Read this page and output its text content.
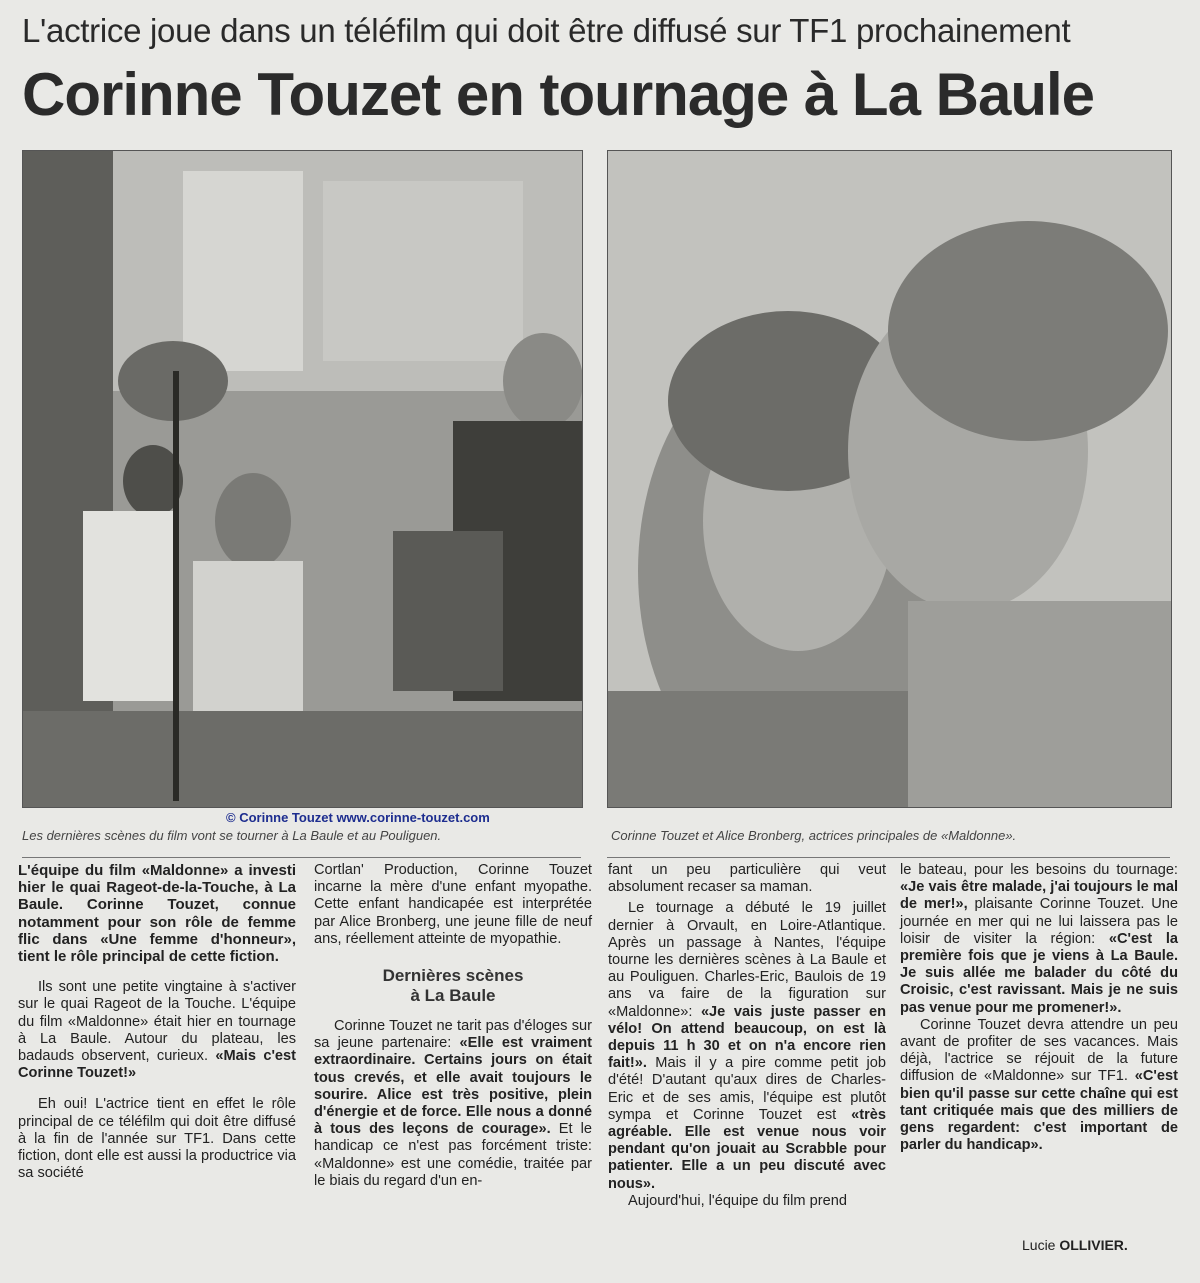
L'actrice joue dans un téléfilm qui doit être diffusé sur TF1 prochainement
Corinne Touzet en tournage à La Baule
© Corinne Touzet www.corinne-touzet.com
Les dernières scènes du film vont se tourner à La Baule et au Pouliguen.	Corinne Touzet et Alice Bronberg, actrices principales de «Maldonne».

L'équipe du film «Maldonne» a investi hier le quai Rageot-de-la-Touche, à La Baule. Corinne Touzet, connue notamment pour son rôle de femme flic dans «Une femme d'honneur», tient le rôle principal de cette fiction.

Ils sont une petite vingtaine à s'activer sur le quai Rageot de la Touche. L'équipe du film «Maldonne» était hier en tournage à La Baule. Autour du plateau, les badauds observent, curieux. «Mais c'est Corinne Touzet!»

Eh oui! L'actrice tient en effet le rôle principal de ce téléfilm qui doit être diffusé à la fin de l'année sur TF1. Dans cette fiction, dont elle est aussi la productrice via sa société

Cortlan' Production, Corinne Touzet incarne la mère d'une enfant myopathe. Cette enfant handicapée est interprétée par Alice Bronberg, une jeune fille de neuf ans, réellement atteinte de myopathie.

Dernières scènes
à La Baule

Corinne Touzet ne tarit pas d'éloges sur sa jeune partenaire: «Elle est vraiment extraordinaire. Certains jours on était tous crevés, et elle avait toujours le sourire. Alice est très positive, plein d'énergie et de force. Elle nous a donné à tous des leçons de courage». Et le handicap ce n'est pas forcément triste: «Maldonne» est une comédie, traitée par le biais du regard d'un en-

fant un peu particulière qui veut absolument recaser sa maman.

Le tournage a débuté le 19 juillet dernier à Orvault, en Loire-Atlantique. Après un passage à Nantes, l'équipe tourne les dernières scènes à La Baule et au Pouliguen. Charles-Eric, Baulois de 19 ans va faire de la figuration sur «Maldonne»: «Je vais juste passer en vélo! On attend beaucoup, on est là depuis 11 h 30 et on n'a encore rien fait!». Mais il y a pire comme petit job d'été! D'autant qu'aux dires de Charles-Eric et de ses amis, l'équipe est plutôt sympa et Corinne Touzet est «très agréable. Elle est venue nous voir pendant qu'on jouait au Scrabble pour patienter. Elle a un peu discuté avec nous».

Aujourd'hui, l'équipe du film prend

le bateau, pour les besoins du tournage: «Je vais être malade, j'ai toujours le mal de mer!», plaisante Corinne Touzet. Une journée en mer qui ne lui laissera pas le loisir de visiter la région: «C'est la première fois que je viens à La Baule. Je suis allée me balader du côté du Croisic, c'est ravissant. Mais je ne suis pas venue pour me promener!».

Corinne Touzet devra attendre un peu avant de profiter de ses vacances. Mais déjà, l'actrice se réjouit de la future diffusion de «Maldonne» sur TF1. «C'est bien qu'il passe sur cette chaîne qui est tant critiquée mais que des milliers de gens regardent: c'est important de parler du handicap».

Lucie OLLIVIER.
